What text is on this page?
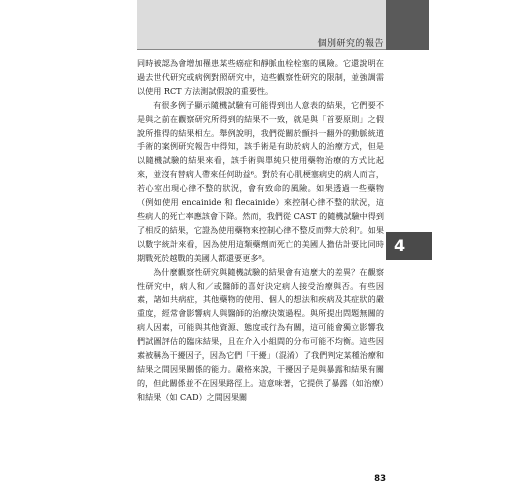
個別研究的報告
4

同時被認為會增加罹患某些癌症和靜脈血栓栓塞的風險。它還說明在過去世代研究或病例對照研究中，這些觀察性研究的限制，並強調需以使用 RCT 方法測試假說的重要性。

有很多例子顯示隨機試驗有可能得到出人意表的結果，它們要不是與之前在觀察研究所得到的結果不一致，就是與「首要原則」之假說所推得的結果相左。舉例說明，我們從關於顫抖一翻外的動脈統道手術的案例研究報告中得知，該手術是有助於病人的治療方式，但是以隨機試驗的結果來看，該手術與單純只使用藥物治療的方式比起來，並沒有替病人帶來任何助益⁶。對於有心肌梗塞病史的病人而言，若心室出現心律不整的狀況，會有致命的風險。如果透過一些藥物（例如使用 encainide 和 flecainide）來控制心律不整的狀況，這些病人的死亡率應該會下降。然而，我們從 CAST 的隨機試驗中得到了相反的結果，它證為使用藥物來控制心律不整反而弊大於利⁷。如果以數字統計來看，因為使用這類藥劑而死亡的美國人擔估計要比同時期戰死於越戰的美國人都還要更多⁸。

為什麼觀察性研究與隨機試驗的結果會有這麼大的差異？在觀察性研究中，病人和／或醫師的喜好決定病人接受治療與否。有些因素，諸如共病症，其他藥物的使用、個人的想法和疾病及其症狀的嚴重度，經常會影響病人與醫師的治療決策過程。與所提出問題無關的病人因素，可能與其他資源、態度或行為有關，這可能會獨立影響我們試圖評估的臨床結果，且在介入小組間的分布可能不均衡。這些因素被稱為干擾因子，因為它們「干擾」（混淆）了我們判定某種治療和結果之間因果關係的能力。嚴格來說，干擾因子是與暴露和結果有關的，但此關係並不在因果路徑上。這意味著，它提供了暴露（如治療）和結果（如 CAD）之間因果關

83
